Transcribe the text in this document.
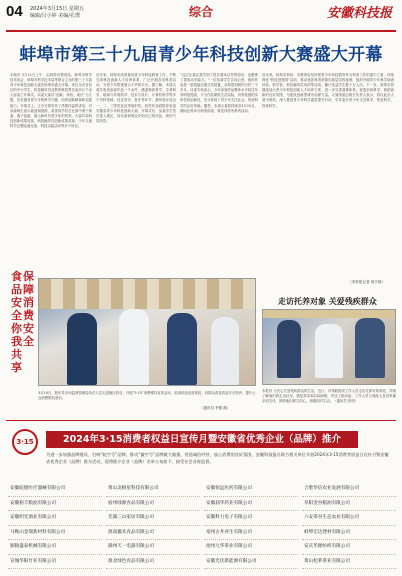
04 2024年3月15日 星期五
编辑/吕小婷 美编/孔璞	综合	安徽科技报
蚌埠市第三十九届青少年科技创新大赛盛大开幕
本报讯 3月11日上午，由蚌埠市教育局、蚌埠市科学技术协会、蚌埠市科学技术局等联合主办的第三十九届青少年科技创新大赛在蚌埠市盛大开幕。来自全市各县区的中小学生、科技辅导员及教育科技界代表共计千余人参加了开幕式。本届大赛以“创新、体验、成长”为主题，旨在激发青少年的科学兴趣，培养创新精神和实践能力。开幕式上，主办方领导作了热情洋溢的讲话，对参赛师生表示欢迎和鼓励，希望同学们在比赛中勇于探索、敢于创新，展示新时代青少年的风采。大赛共设科技创新成果竞赛、科技辅导员创新成果竞赛、少年儿童科学幻想绘画比赛、科技实践活动等多个项目。
近年来，蚌埠市高度重视青少年科技教育工作，不断完善科技创新人才培养体系，广泛开展各类科普活动，为青少年搭建展示才华的平台。据了解，本届大赛共收到参赛作品一千余件，涵盖物质科学、生命科学、地球与环境科学、技术与设计、计算机科学等多个学科领域。经过初评、复评等环节，最终将评选出一、二、三等奖及优秀组织奖。获奖作品将推荐参加安徽省青少年科技创新大赛。开幕式后，参赛学生依次进入展区，向评委和观众介绍自己的作品，现场气氛热烈。
“这次比赛让我学到了很多课本以外的知识，也锻炼了我的动手能力。”一位参赛学生告诉记者，他的作品是一款智能垃圾分类装置，从构思到制作历时三个多月。评委专家表示，今年参赛作品整体水平较往年有明显提高，不少作品紧贴生活实际，具有较强的实用性和创新性，充分体现了青少年关注社会、热爱科学的良好风貌。据悉，本届大赛将持续至3月15日，期间还将举办科普讲座、科技体验等系列活动。
近年来，蚌埠市科协、市教育局坚持把青少年科技教育作为科普工作的重中之重，持续深化“科技进校园”活动，推动优质科普资源向基层学校延伸，组织开展青少年科学调查体验、科学营、科技辅导员培训等活动，累计受益学生数十万人次。下一步，蚌埠市将继续加大青少年科技创新人才培养力度，进一步完善赛事体系，营造崇尚科学、鼓励创新的良好氛围，为建设创新型城市贡献力量。大赛组委会相关负责人表示，将以此次大赛为契机，深入推进青少年科学素质提升行动，引导更多青少年走近科学、热爱科学、投身科学。
（安科报记者 何宇晨）
食品安全你我共享
保障消费安全
3月14日，肥东县市场监督管理局执法人员走进辖区药店，开展“3·15”消费维权宣传活动，检查药品经营规范，向群众普及药品安全知识，提升公众消费维权意识。
（通讯员 李强 摄）
走访托养对象 关爱残疾群众
本报讯 为关心关爱残疾群众的生活，近日，市残联组织工作人员走访托养对象家庭，详细了解他们的生活状况、康复需求和实际困难，并送上慰问品。工作人员与残疾人及其家属亲切交谈，鼓励他们树立信心、积极面对生活。（通讯员 张明）
3·15	2024年3·15消费者权益日宣传月暨安徽省优秀企业（品牌）推介
为进一步加强品牌建设，打响“皖字号”品牌，推动“徽字号”品牌做大做强，营造诚信经营、放心消费的良好氛围，安徽科技报社联合相关单位开展2024年3·15消费者权益日宣传月暨安徽省优秀企业（品牌）推介活动，现将推介企业（品牌）名单公布如下，接受社会各界监督。
安徽皖德医疗器械有限公司	黄山北极星科技有限公司	安徽恒远医药有限公司	合肥华信农业发展有限公司
安徽裕丰粮油有限公司	宿州绿源食品有限公司	安徽润华药业有限公司	阜阳金谷粮油有限公司
安徽明光酒业有限公司	芜湖三山家居有限公司	安徽科力电子有限公司	六安茶谷生态农业有限公司
马鞍山金瑞新材料有限公司	淮南徽禾食品有限公司	亳州古井养生有限公司	蚌埠宏达建材有限公司
铜陵盛泰机械有限公司	滁州天一电器有限公司	池州九华茶业有限公司	安庆华源纺织有限公司
宣城华阳竹业有限公司	淮北绿色食品有限公司	安徽光伏新能源有限公司	黄山松萝茶业有限公司
